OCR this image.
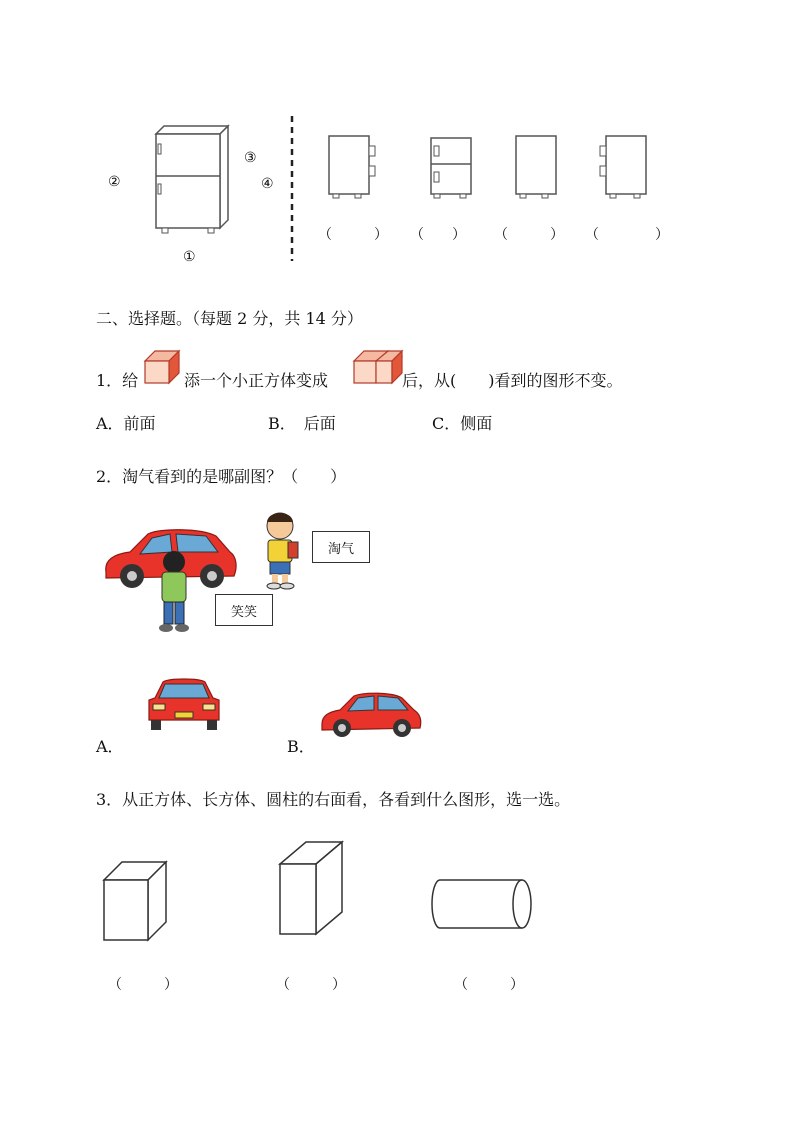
①
②
③
④
（　　　） （　　） （　　　） （　　　　）
二、选择题。（每题 2 分，共 14 分）
1．给	添一个小正方体变成	后，从(　　)看到的图形不变。
A．前面	B．　后面	C．侧面
2．淘气看到的是哪副图？（　　）
淘气
笑笑
A．	B．
3．从正方体、长方体、圆柱的右面看，各看到什么图形，选一选。
（　　　）	（　　　）	（　　　）
